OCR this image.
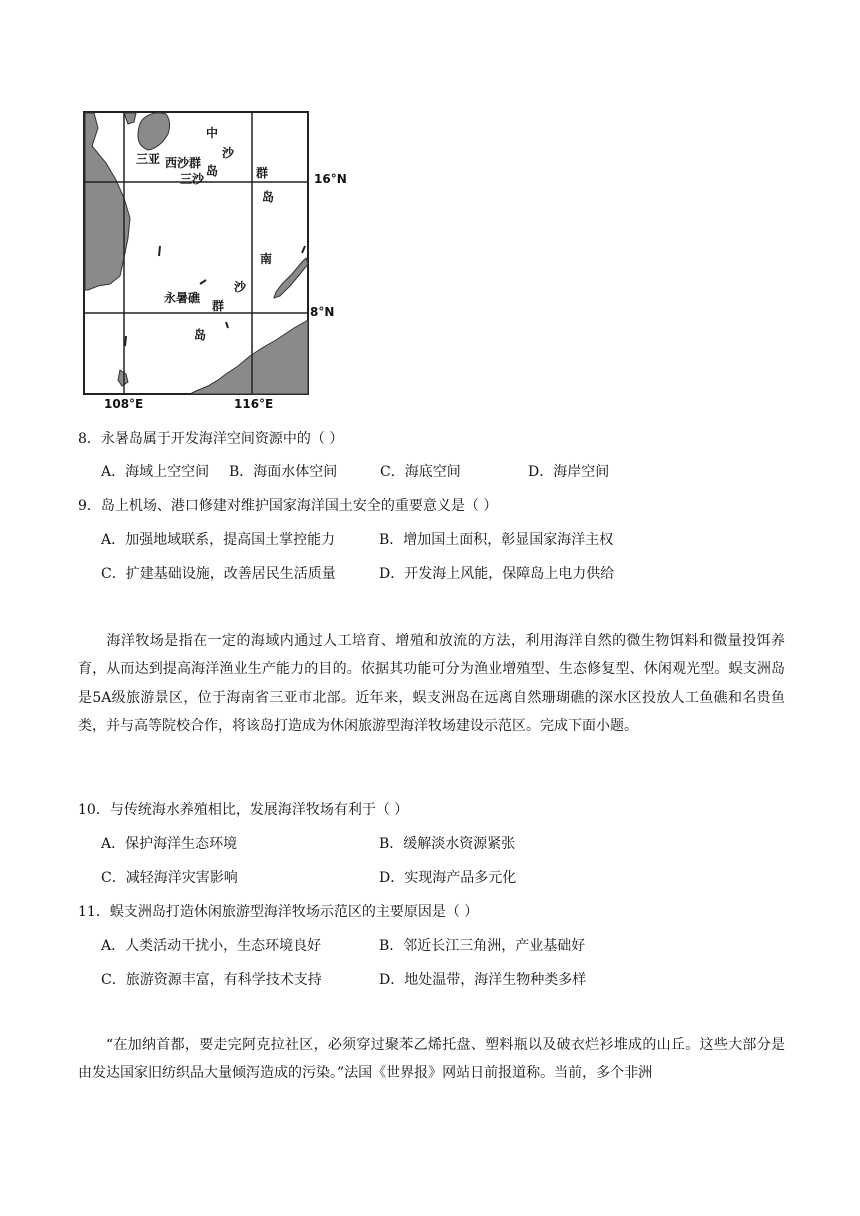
中
沙
三亚 西沙群
岛	群
三沙
岛
南
沙
永暑礁
群
岛
16°N
8°N
108°E	116°E
8．永暑岛属于开发海洋空间资源中的（ ）
A．海域上空空间 B．海面水体空间	C．海底空间	D．海岸空间
9．岛上机场、港口修建对维护国家海洋国土安全的重要意义是（ ）
A．加强地域联系，提高国土掌控能力	B．增加国土面积，彰显国家海洋主权
C．扩建基础设施，改善居民生活质量	D．开发海上风能，保障岛上电力供给
海洋牧场是指在一定的海域内通过人工培育、增殖和放流的方法，利用海洋自然的微生物饵料和微量投饵养育，从而达到提高海洋渔业生产能力的目的。依据其功能可分为渔业增殖型、生态修复型、休闲观光型。蜈支洲岛是5A级旅游景区，位于海南省三亚市北部。近年来，蜈支洲岛在远离自然珊瑚礁的深水区投放人工鱼礁和名贵鱼类，并与高等院校合作，将该岛打造成为休闲旅游型海洋牧场建设示范区。完成下面小题。
10．与传统海水养殖相比，发展海洋牧场有利于（ ）
A．保护海洋生态环境	B．缓解淡水资源紧张
C．减轻海洋灾害影响	D．实现海产品多元化
11．蜈支洲岛打造休闲旅游型海洋牧场示范区的主要原因是（ ）
A．人类活动干扰小，生态环境良好	B．邻近长江三角洲，产业基础好
C．旅游资源丰富，有科学技术支持	D．地处温带，海洋生物种类多样
“在加纳首都，要走完阿克拉社区，必须穿过聚苯乙烯托盘、塑料瓶以及破衣烂衫堆成的山丘。这些大部分是由发达国家旧纺织品大量倾泻造成的污染。”法国《世界报》网站日前报道称。当前，多个非洲
